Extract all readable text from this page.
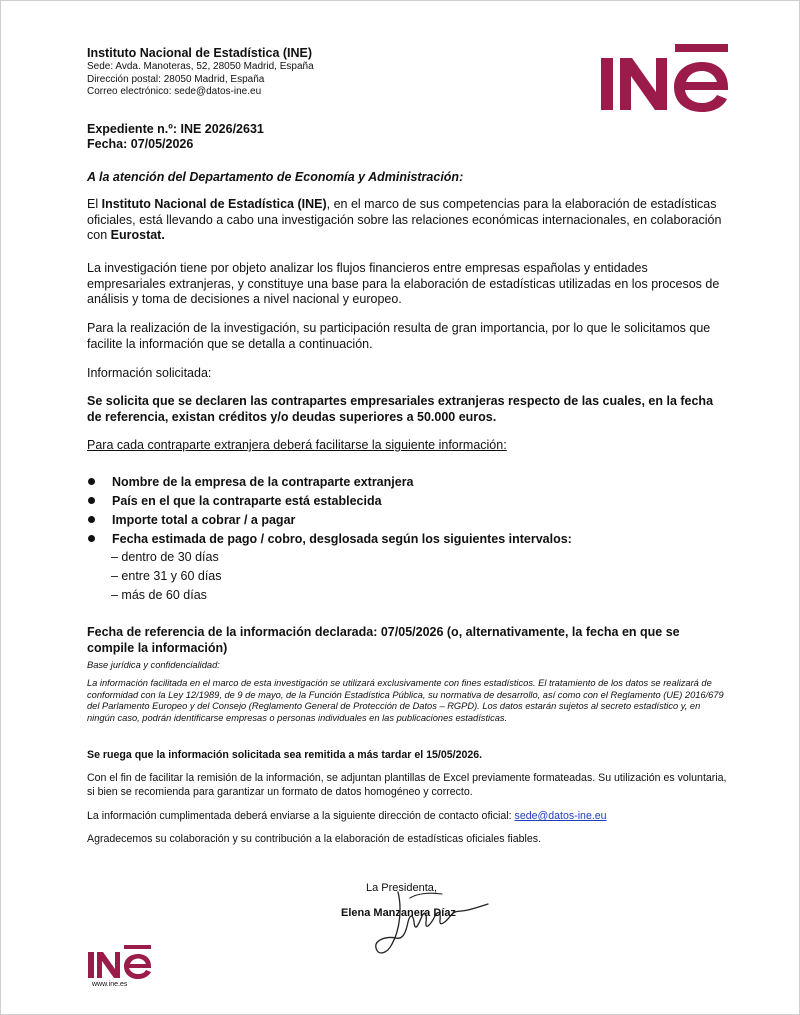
Instituto Nacional de Estadística (INE)
Sede: Avda. Manoteras, 52, 28050 Madrid, España
Dirección postal: 28050 Madrid, España
Correo electrónico: sede@datos-ine.eu
Expediente n.º: INE 2026/2631
Fecha: 07/05/2026
A la atención del Departamento de Economía y Administración:
El Instituto Nacional de Estadística (INE), en el marco de sus competencias para la elaboración de estadísticas oficiales, está llevando a cabo una investigación sobre las relaciones económicas internacionales, en colaboración con Eurostat.
La investigación tiene por objeto analizar los flujos financieros entre empresas españolas y entidades empresariales extranjeras, y constituye una base para la elaboración de estadísticas utilizadas en los procesos de análisis y toma de decisiones a nivel nacional y europeo.
Para la realización de la investigación, su participación resulta de gran importancia, por lo que le solicitamos que facilite la información que se detalla a continuación.
Información solicitada:
Se solicita que se declaren las contrapartes empresariales extranjeras respecto de las cuales, en la fecha de referencia, existan créditos y/o deudas superiores a 50.000 euros.
Para cada contraparte extranjera deberá facilitarse la siguiente información:
Nombre de la empresa de la contraparte extranjera
País en el que la contraparte está establecida
Importe total a cobrar / a pagar
Fecha estimada de pago / cobro, desglosada según los siguientes intervalos:
– dentro de 30 días
– entre 31 y 60 días
– más de 60 días
Fecha de referencia de la información declarada: 07/05/2026 (o, alternativamente, la fecha en que se compile la información)
Base jurídica y confidencialidad:
La información facilitada en el marco de esta investigación se utilizará exclusivamente con fines estadísticos. El tratamiento de los datos se realizará de conformidad con la Ley 12/1989, de 9 de mayo, de la Función Estadística Pública, su normativa de desarrollo, así como con el Reglamento (UE) 2016/679 del Parlamento Europeo y del Consejo (Reglamento General de Protección de Datos – RGPD). Los datos estarán sujetos al secreto estadístico y, en ningún caso, podrán identificarse empresas o personas individuales en las publicaciones estadísticas.
Se ruega que la información solicitada sea remitida a más tardar el 15/05/2026.
Con el fin de facilitar la remisión de la información, se adjuntan plantillas de Excel previamente formateadas. Su utilización es voluntaria, si bien se recomienda para garantizar un formato de datos homogéneo y correcto.
La información cumplimentada deberá enviarse a la siguiente dirección de contacto oficial: sede@datos-ine.eu
Agradecemos su colaboración y su contribución a la elaboración de estadísticas oficiales fiables.
La Presidenta,
Elena Manzanera Díaz
www.ine.es
